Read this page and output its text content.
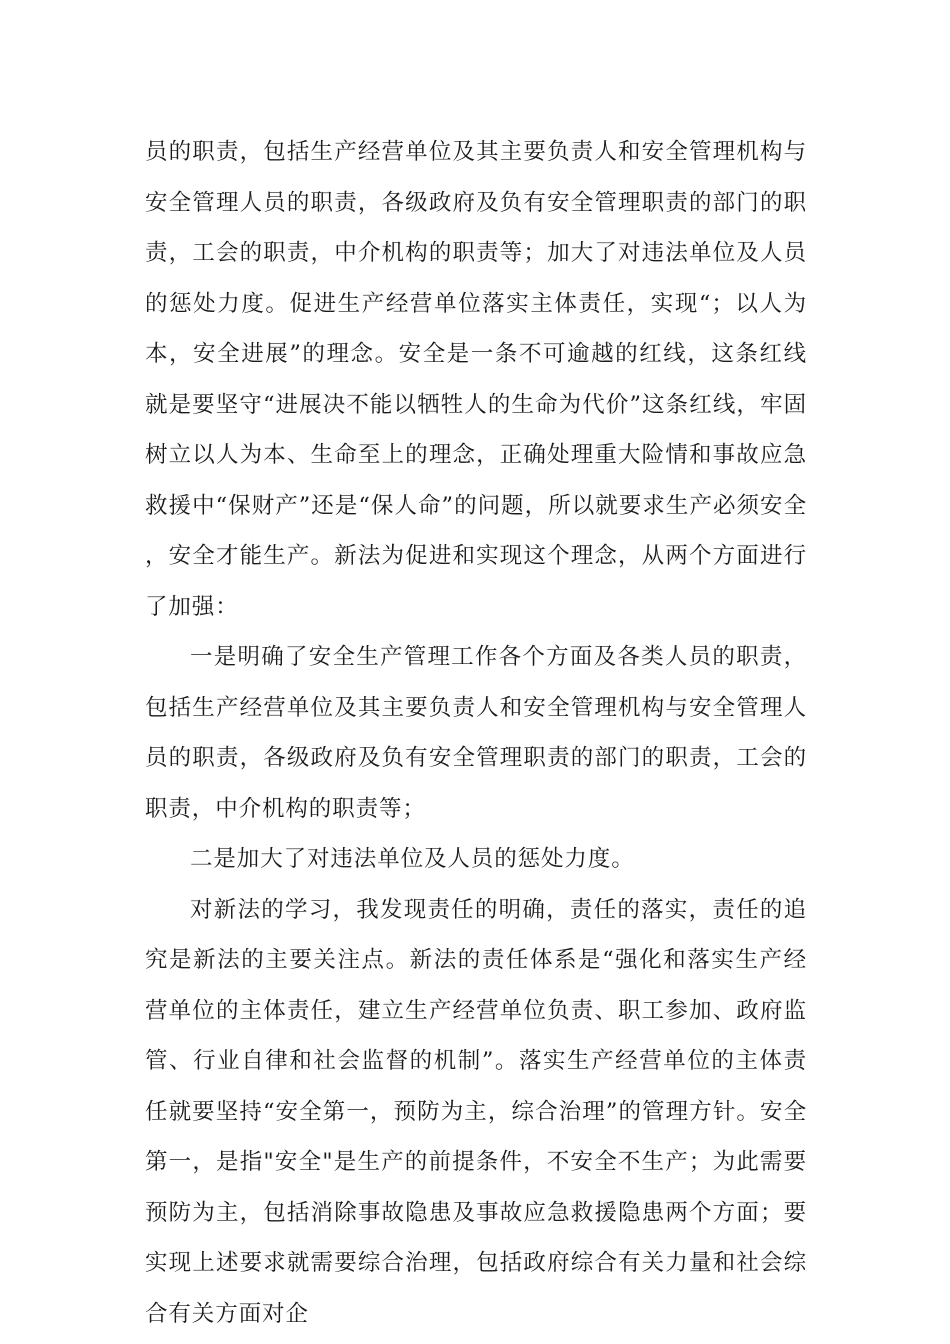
员的职责，包括生产经营单位及其主要负责人和安全管理机构与安全管理人员的职责，各级政府及负有安全管理职责的部门的职责，工会的职责，中介机构的职责等；加大了对违法单位及人员的惩处力度。促进生产经营单位落实主体责任，实现“；以人为本，安全进展”的理念。安全是一条不可逾越的红线，这条红线就是要坚守“进展决不能以牺牲人的生命为代价”这条红线，牢固树立以人为本、生命至上的理念，正确处理重大险情和事故应急救援中“保财产”还是“保人命”的问题，所以就要求生产必须安全，安全才能生产。新法为促进和实现这个理念，从两个方面进行了加强：

一是明确了安全生产管理工作各个方面及各类人员的职责，包括生产经营单位及其主要负责人和安全管理机构与安全管理人员的职责，各级政府及负有安全管理职责的部门的职责，工会的职责，中介机构的职责等；

二是加大了对违法单位及人员的惩处力度。

对新法的学习，我发现责任的明确，责任的落实，责任的追究是新法的主要关注点。新法的责任体系是“强化和落实生产经营单位的主体责任，建立生产经营单位负责、职工参加、政府监管、行业自律和社会监督的机制”。落实生产经营单位的主体责任就要坚持“安全第一，预防为主，综合治理”的管理方针。安全第一，是指"安全"是生产的前提条件，不安全不生产；为此需要预防为主，包括消除事故隐患及事故应急救援隐患两个方面；要实现上述要求就需要综合治理，包括政府综合有关力量和社会综合有关方面对企
